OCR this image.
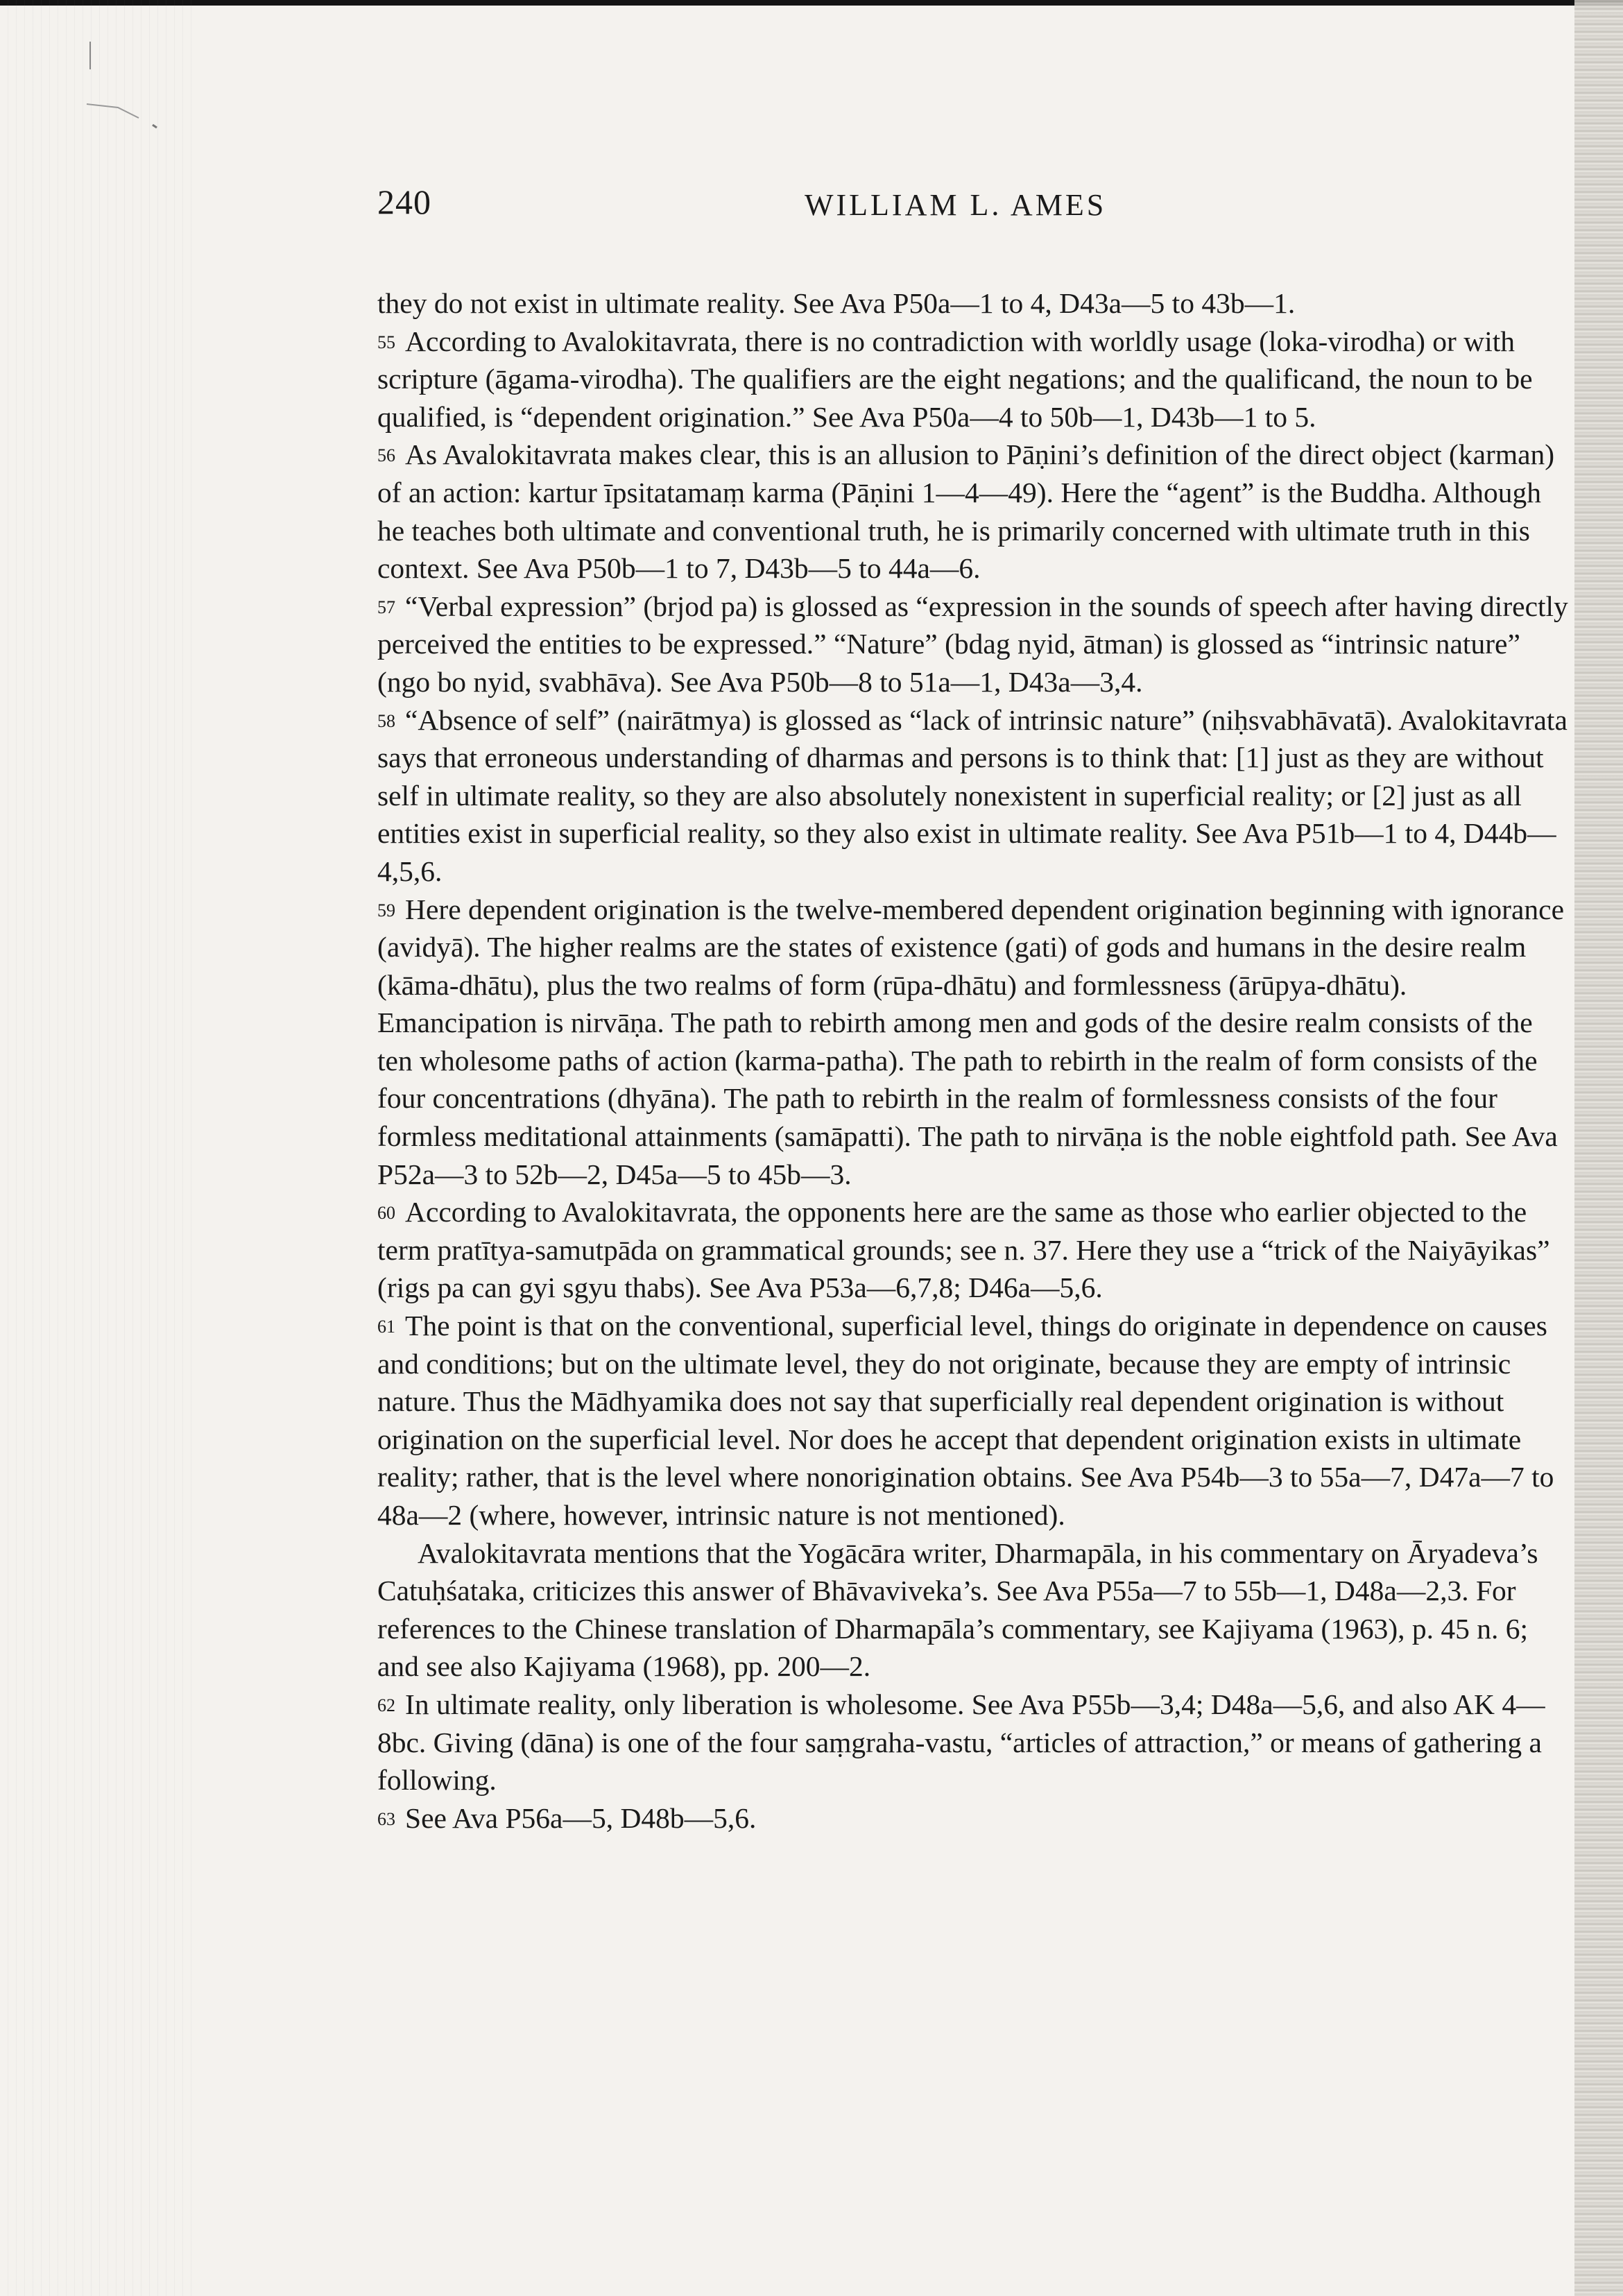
240	WILLIAM L. AMES

they do not exist in ultimate reality. See Ava P50a—1 to 4, D43a—5 to 43b—1.

$^{55}$ According to Avalokitavrata, there is no contradiction with worldly usage (loka-virodha) or with scripture (āgama-virodha). The qualifiers are the eight negations; and the qualificand, the noun to be qualified, is “dependent origination.” See Ava P50a—4 to 50b—1, D43b—1 to 5.

$^{56}$ As Avalokitavrata makes clear, this is an allusion to Pāṇini’s definition of the direct object (karman) of an action: kartur īpsitatamaṃ karma (Pāṇini 1—4—49). Here the “agent” is the Buddha. Although he teaches both ultimate and conventional truth, he is primarily concerned with ultimate truth in this context. See Ava P50b—1 to 7, D43b—5 to 44a—6.

$^{57}$ “Verbal expression” (brjod pa) is glossed as “expression in the sounds of speech after having directly perceived the entities to be expressed.” “Nature” (bdag nyid, ātman) is glossed as “intrinsic nature” (ngo bo nyid, svabhāva). See Ava P50b—8 to 51a—1, D43a—3,4.

$^{58}$ “Absence of self” (nairātmya) is glossed as “lack of intrinsic nature” (niḥsvabhāvatā). Avalokitavrata says that erroneous understanding of dharmas and persons is to think that: [1] just as they are without self in ultimate reality, so they are also absolutely nonexistent in superficial reality; or [2] just as all entities exist in superficial reality, so they also exist in ultimate reality. See Ava P51b—1 to 4, D44b—4,5,6.

$^{59}$ Here dependent origination is the twelve-membered dependent origination beginning with ignorance (avidyā). The higher realms are the states of existence (gati) of gods and humans in the desire realm (kāma-dhātu), plus the two realms of form (rūpa-dhātu) and formlessness (ārūpya-dhātu). Emancipation is nirvāṇa. The path to rebirth among men and gods of the desire realm consists of the ten wholesome paths of action (karma-patha). The path to rebirth in the realm of form consists of the four concentrations (dhyāna). The path to rebirth in the realm of formlessness consists of the four formless meditational attainments (samāpatti). The path to nirvāṇa is the noble eightfold path. See Ava P52a—3 to 52b—2, D45a—5 to 45b—3.

$^{60}$ According to Avalokitavrata, the opponents here are the same as those who earlier objected to the term pratītya-samutpāda on grammatical grounds; see n. 37. Here they use a “trick of the Naiyāyikas” (rigs pa can gyi sgyu thabs). See Ava P53a—6,7,8; D46a—5,6.

$^{61}$ The point is that on the conventional, superficial level, things do originate in dependence on causes and conditions; but on the ultimate level, they do not originate, because they are empty of intrinsic nature. Thus the Mādhyamika does not say that superficially real dependent origination is without origination on the superficial level. Nor does he accept that dependent origination exists in ultimate reality; rather, that is the level where nonorigination obtains. See Ava P54b—3 to 55a—7, D47a—7 to 48a—2 (where, however, intrinsic nature is not mentioned).

Avalokitavrata mentions that the Yogācāra writer, Dharmapāla, in his commentary on Āryadeva’s Catuḥśataka, criticizes this answer of Bhāvaviveka’s. See Ava P55a—7 to 55b—1, D48a—2,3. For references to the Chinese translation of Dharmapāla’s commentary, see Kajiyama (1963), p. 45 n. 6; and see also Kajiyama (1968), pp. 200—2.

$^{62}$ In ultimate reality, only liberation is wholesome. See Ava P55b—3,4; D48a—5,6, and also AK 4—8bc. Giving (dāna) is one of the four saṃgraha-vastu, “articles of attraction,” or means of gathering a following.

$^{63}$ See Ava P56a—5, D48b—5,6.
